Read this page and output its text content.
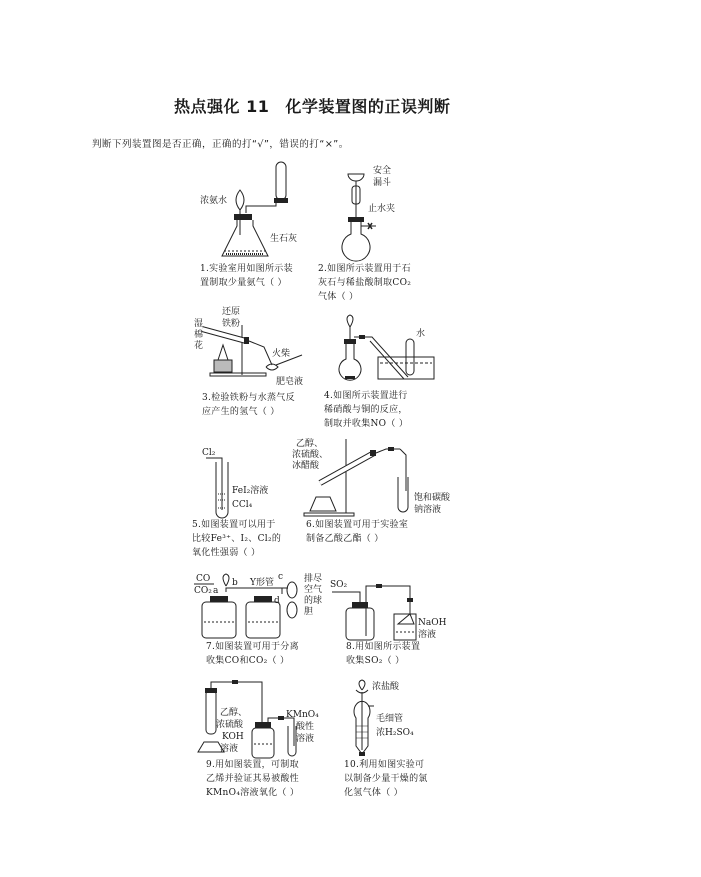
热点强化 11 化学装置图的正误判断
判断下列装置图是否正确，正确的打“√”，错误的打“×”。
浓氨水
生石灰
1.实验室用如图所示装
置制取少量氨气（ ）
安全
漏斗
止水夹
2.如图所示装置用于石
灰石与稀盐酸制取CO₂
气体（ ）
湿
棉
花
还原
铁粉
火柴
肥皂液
3.检验铁粉与水蒸气反
应产生的氢气（ ）
水
4.如图所示装置进行
稀硝酸与铜的反应，
制取并收集NO（ ）
Cl₂
FeI₂溶液
CCl₄
5.如图装置可以用于
比较Fe³⁺、I₂、Cl₂的
氧化性强弱（ ）
乙醇、
浓硫酸、
冰醋酸
饱和碳酸
钠溶液
6.如图装置可用于实验室
制备乙酸乙酯（ ）
CO
CO₂ a
b Y形管
c
d
排尽
空气
的球
胆
7.如图装置可用于分离
收集CO和CO₂（ ）
SO₂
NaOH
溶液
8.用如图所示装置
收集SO₂（ ）
乙醇、
浓硫酸
KOH
溶液
KMnO₄
酸性
溶液
9.用如图装置，可制取
乙烯并验证其易被酸性
KMnO₄溶液氧化（ ）
浓盐酸
毛细管
浓H₂SO₄
10.利用如图实验可
以制备少量干燥的氯
化氢气体（ ）
